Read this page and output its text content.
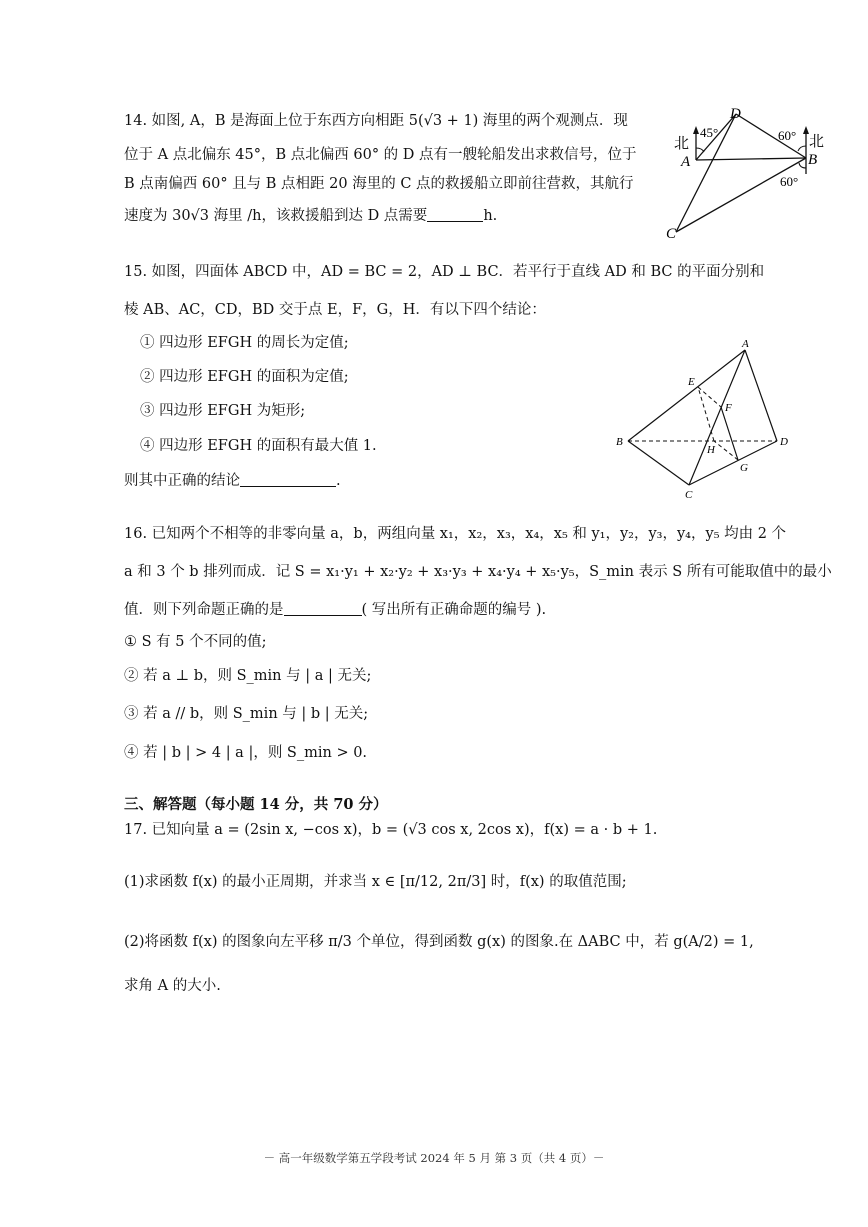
14. 如图, A，B 是海面上位于东西方向相距 5(√3 + 1) 海里的两个观测点．现
位于 A 点北偏东 45°，B 点北偏西 60° 的 D 点有一艘轮船发出求救信号，位于
B 点南偏西 60° 且与 B 点相距 20 海里的 C 点的救援船立即前往营救，其航行
速度为 30√3 海里 /h，该救援船到达 D 点需要	h.
北	北
45°	60°
60°
A	B
C
D
15. 如图，四面体 ABCD 中，AD = BC = 2，AD ⊥ BC．若平行于直线 AD 和 BC 的平面分别和
棱 AB、AC，CD，BD 交于点 E，F，G，H．有以下四个结论：
① 四边形 EFGH 的周长为定值;
② 四边形 EFGH 的面积为定值;
③ 四边形 EFGH 为矩形;
④ 四边形 EFGH 的面积有最大值 1.
则其中正确的结论	.
A
B
C
D
E
F
G
H
16. 已知两个不相等的非零向量 a，b，两组向量 x₁，x₂，x₃，x₄，x₅ 和 y₁，y₂，y₃，y₄，y₅ 均由 2 个
a 和 3 个 b 排列而成．记 S = x₁·y₁ + x₂·y₂ + x₃·y₃ + x₄·y₄ + x₅·y₅，S_min 表示 S 所有可能取值中的最小
值．则下列命题正确的是	( 写出所有正确命题的编号 ).
① S 有 5 个不同的值;
② 若 a ⊥ b，则 S_min 与 | a | 无关;
③ 若 a // b，则 S_min 与 | b | 无关;
④ 若 | b | > 4 | a |，则 S_min > 0.
三、解答题（每小题 14 分，共 70 分）
17. 已知向量 a = (2sin x, −cos x)，b = (√3 cos x, 2cos x)，f(x) = a · b + 1.
(1)求函数 f(x) 的最小正周期，并求当 x ∈ [π/12, 2π/3] 时，f(x) 的取值范围;
(2)将函数 f(x) 的图象向左平移 π/3 个单位，得到函数 g(x) 的图象.在 ΔABC 中，若 g(A/2) = 1,
求角 A 的大小.
－ 高一年级数学第五学段考试 2024 年 5 月 第 3 页（共 4 页）－
